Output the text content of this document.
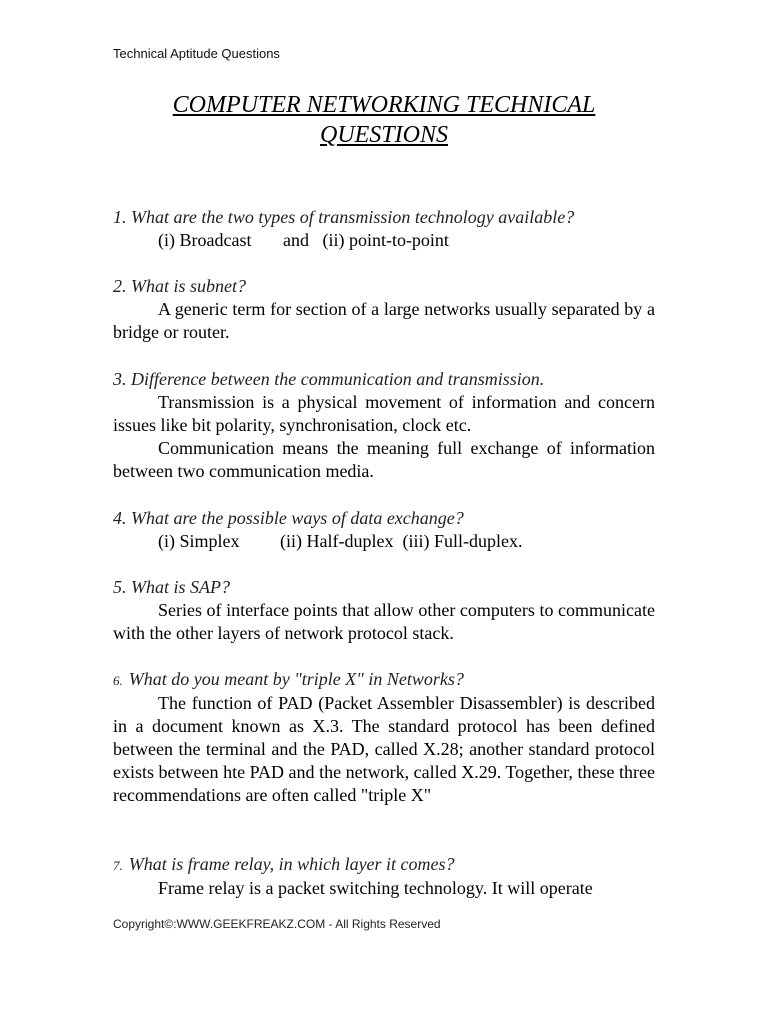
Technical Aptitude Questions
COMPUTER NETWORKING TECHNICAL
QUESTIONS
1. What are the two types of transmission technology available?
(i) Broadcast       and   (ii) point-to-point
2. What is subnet?
A generic term for section of a large networks usually separated by a bridge or router.
3. Difference between the communication and transmission.
Transmission is a physical movement of information and concern issues like bit polarity, synchronisation, clock etc.
Communication means the meaning full exchange of information between two communication media.
4. What are the possible ways of data exchange?
(i) Simplex         (ii) Half-duplex  (iii) Full-duplex.
5. What is SAP?
Series of interface points that allow other computers to communicate with the other layers of network protocol stack.
6. What do you meant by "triple X" in Networks?
The function of PAD (Packet Assembler Disassembler) is described in a document known as X.3. The standard protocol has been defined between the terminal and the PAD, called X.28; another standard protocol exists between hte PAD and the network, called X.29. Together, these three recommendations are often called "triple X"
7. What is frame relay, in which layer it comes?
Frame relay is a packet switching technology. It will operate
Copyright©:WWW.GEEKFREAKZ.COM - All Rights Reserved
